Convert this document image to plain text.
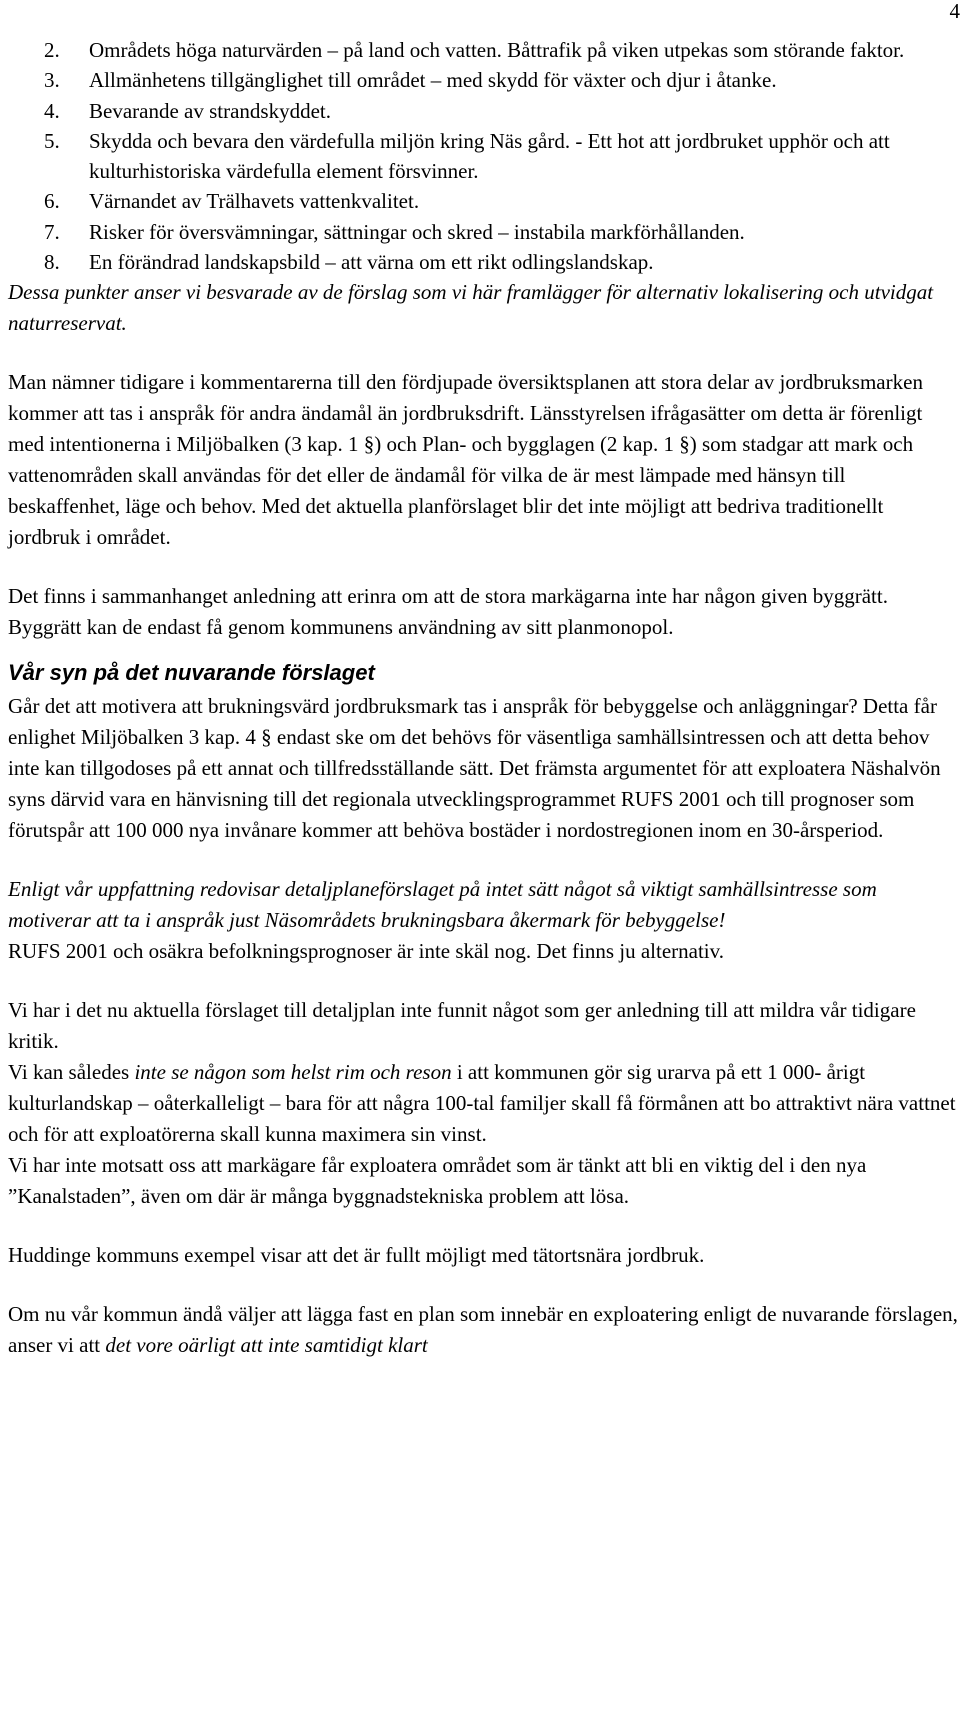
4
2. Områdets höga naturvärden – på land och vatten. Båttrafik på viken utpekas som störande faktor.
3. Allmänhetens tillgänglighet till området – med skydd för växter och djur i åtanke.
4. Bevarande av strandskyddet.
5. Skydda och bevara den värdefulla miljön kring Näs gård. - Ett hot att jordbruket upphör och att kulturhistoriska värdefulla element försvinner.
6. Värnandet av Trälhavets vattenkvalitet.
7. Risker för översvämningar, sättningar och skred – instabila markförhållanden.
8. En förändrad landskapsbild – att värna om ett rikt odlingslandskap.

Dessa punkter anser vi besvarade av de förslag som vi här framlägger för alternativ lokalisering och utvidgat naturreservat.

Man nämner tidigare i kommentarerna till den fördjupade översiktsplanen att stora delar av jordbruksmarken kommer att tas i anspråk för andra ändamål än jordbruksdrift. Länsstyrelsen ifrågasätter om detta är förenligt med intentionerna i Miljöbalken (3 kap. 1 §) och Plan- och bygglagen (2 kap. 1 §) som stadgar att mark och vattenområden skall användas för det eller de ändamål för vilka de är mest lämpade med hänsyn till beskaffenhet, läge och behov. Med det aktuella planförslaget blir det inte möjligt att bedriva traditionellt jordbruk i området.

Det finns i sammanhanget anledning att erinra om att de stora markägarna inte har någon given byggrätt. Byggrätt kan de endast få genom kommunens användning av sitt planmonopol.

Vår syn på det nuvarande förslaget

Går det att motivera att brukningsvärd jordbruksmark tas i anspråk för bebyggelse och anläggningar? Detta får enlighet Miljöbalken 3 kap. 4 § endast ske om det behövs för väsentliga samhällsintressen och att detta behov inte kan tillgodoses på ett annat och tillfredsställande sätt. Det främsta argumentet för att exploatera Näshalvön syns därvid vara en hänvisning till det regionala utvecklingsprogrammet RUFS 2001 och till prognoser som förutspår att 100 000 nya invånare kommer att behöva bostäder i nordostregionen inom en 30-årsperiod.

Enligt vår uppfattning redovisar detaljplaneförslaget på intet sätt något så viktigt samhällsintresse som motiverar att ta i anspråk just Näsområdets brukningsbara åkermark för bebyggelse!

RUFS 2001 och osäkra befolkningsprognoser är inte skäl nog. Det finns ju alternativ.

Vi har i det nu aktuella förslaget till detaljplan inte funnit något som ger anledning till att mildra vår tidigare kritik.

Vi kan således inte se någon som helst rim och reson i att kommunen gör sig urarva på ett 1 000- årigt kulturlandskap – oåterkalleligt – bara för att några 100-tal familjer skall få förmånen att bo attraktivt nära vattnet och för att exploatörerna skall kunna maximera sin vinst.

Vi har inte motsatt oss att markägare får exploatera området som är tänkt att bli en viktig del i den nya ”Kanalstaden”, även om där är många byggnadstekniska problem att lösa.

Huddinge kommuns exempel visar att det är fullt möjligt med tätortsnära jordbruk.

Om nu vår kommun ändå väljer att lägga fast en plan som innebär en exploatering enligt de nuvarande förslagen, anser vi att det vore oärligt att inte samtidigt klart
